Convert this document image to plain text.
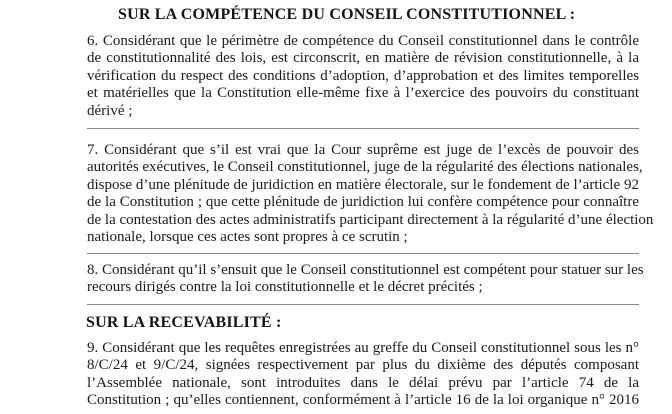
SUR LA COMPÉTENCE DU CONSEIL CONSTITUTIONNEL :
6. Considérant que le périmètre de compétence du Conseil constitutionnel dans le contrôle
de constitutionnalité des lois, est circonscrit, en matière de révision constitutionnelle, à la
vérification du respect des conditions d’adoption, d’approbation et des limites temporelles
et matérielles que la Constitution elle-même fixe à l’exercice des pouvoirs du constituant
dérivé ;
7. Considérant que s’il est vrai que la Cour suprême est juge de l’excès de pouvoir des
autorités exécutives, le Conseil constitutionnel, juge de la régularité des élections nationales,
dispose d’une plénitude de juridiction en matière électorale, sur le fondement de l’article 92
de la Constitution ; que cette plénitude de juridiction lui confère compétence pour connaître
de la contestation des actes administratifs participant directement à la régularité d’une élection
nationale, lorsque ces actes sont propres à ce scrutin ;
8. Considérant qu’il s’ensuit que le Conseil constitutionnel est compétent pour statuer sur les
recours dirigés contre la loi constitutionnelle et le décret précités ;
SUR LA RECEVABILITÉ :
9. Considérant que les requêtes enregistrées au greffe du Conseil constitutionnel sous les n°
8/C/24 et 9/C/24, signées respectivement par plus du dixième des députés composant
l’Assemblée nationale, sont introduites dans le délai prévu par l’article 74 de la
Constitution ; qu’elles contiennent, conformément à l’article 16 de la loi organique n° 2016
